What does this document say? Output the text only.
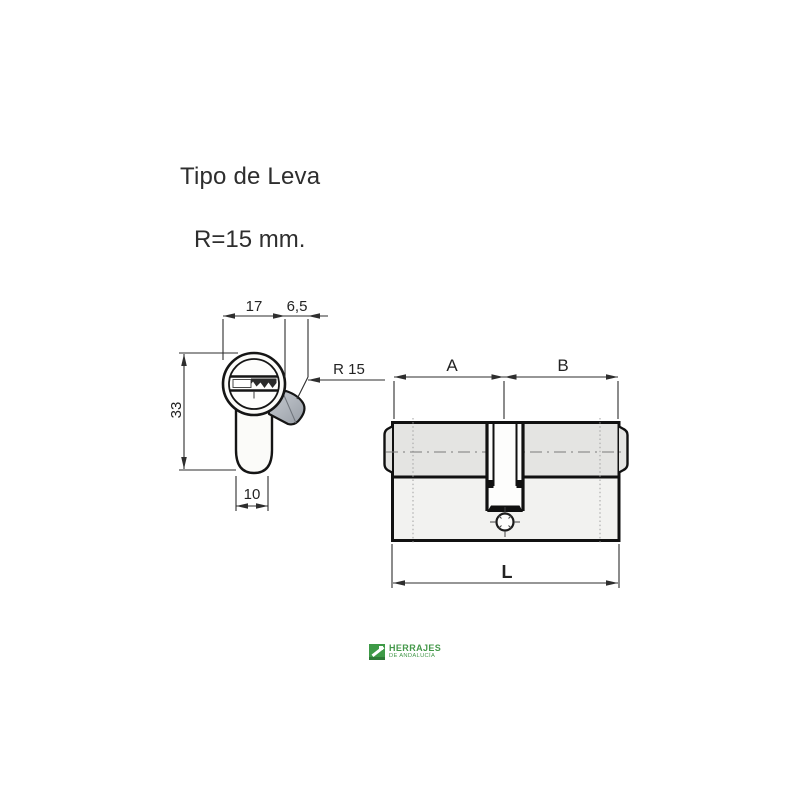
Tipo de Leva
R=15 mm.
17 6,5
R 15
33
10
A	B
L
HERRAJES
DE ANDALUCÍA
